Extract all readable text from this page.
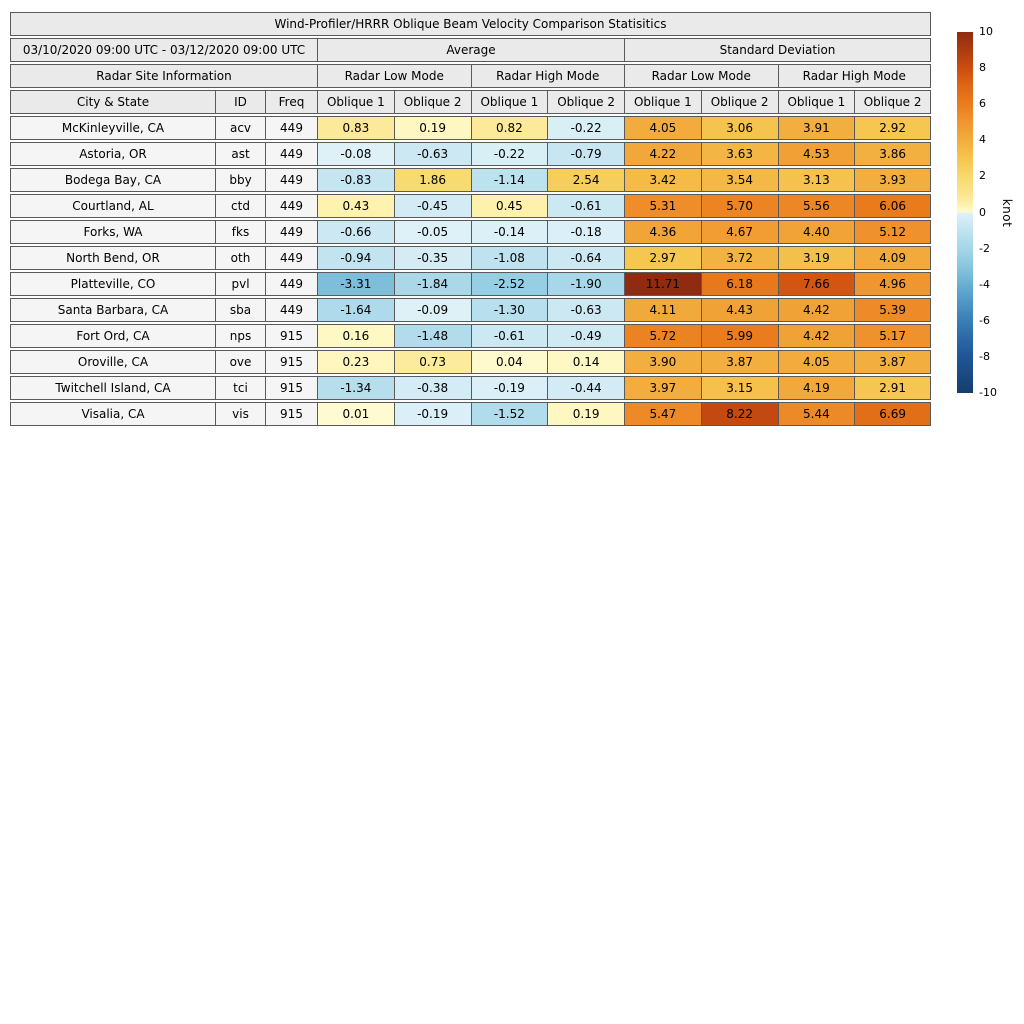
Wind-Profiler/HRRR Oblique Beam Velocity Comparison Statisitics										
03/10/2020 09:00 UTC - 03/12/2020 09:00 UTC			Average				Standard Deviation			
Radar Site Information			Radar Low Mode		Radar High Mode		Radar Low Mode		Radar High Mode	
City & State	ID	Freq	Oblique 1	Oblique 2	Oblique 1	Oblique 2	Oblique 1	Oblique 2	Oblique 1	Oblique 2
McKinleyville, CA	acv	449	0.83	0.19	0.82	-0.22	4.05	3.06	3.91	2.92
Astoria, OR	ast	449	-0.08	-0.63	-0.22	-0.79	4.22	3.63	4.53	3.86
Bodega Bay, CA	bby	449	-0.83	1.86	-1.14	2.54	3.42	3.54	3.13	3.93
Courtland, AL	ctd	449	0.43	-0.45	0.45	-0.61	5.31	5.70	5.56	6.06
Forks, WA	fks	449	-0.66	-0.05	-0.14	-0.18	4.36	4.67	4.40	5.12
North Bend, OR	oth	449	-0.94	-0.35	-1.08	-0.64	2.97	3.72	3.19	4.09
Platteville, CO	pvl	449	-3.31	-1.84	-2.52	-1.90	11.71	6.18	7.66	4.96
Santa Barbara, CA	sba	449	-1.64	-0.09	-1.30	-0.63	4.11	4.43	4.42	5.39
Fort Ord, CA	nps	915	0.16	-1.48	-0.61	-0.49	5.72	5.99	4.42	5.17
Oroville, CA	ove	915	0.23	0.73	0.04	0.14	3.90	3.87	4.05	3.87
Twitchell Island, CA	tci	915	-1.34	-0.38	-0.19	-0.44	3.97	3.15	4.19	2.91
Visalia, CA	vis	915	0.01	-0.19	-1.52	0.19	5.47	8.22	5.44	6.69
10
8
6
4
2
0
-2
-4
-6
-8
-10
knot
